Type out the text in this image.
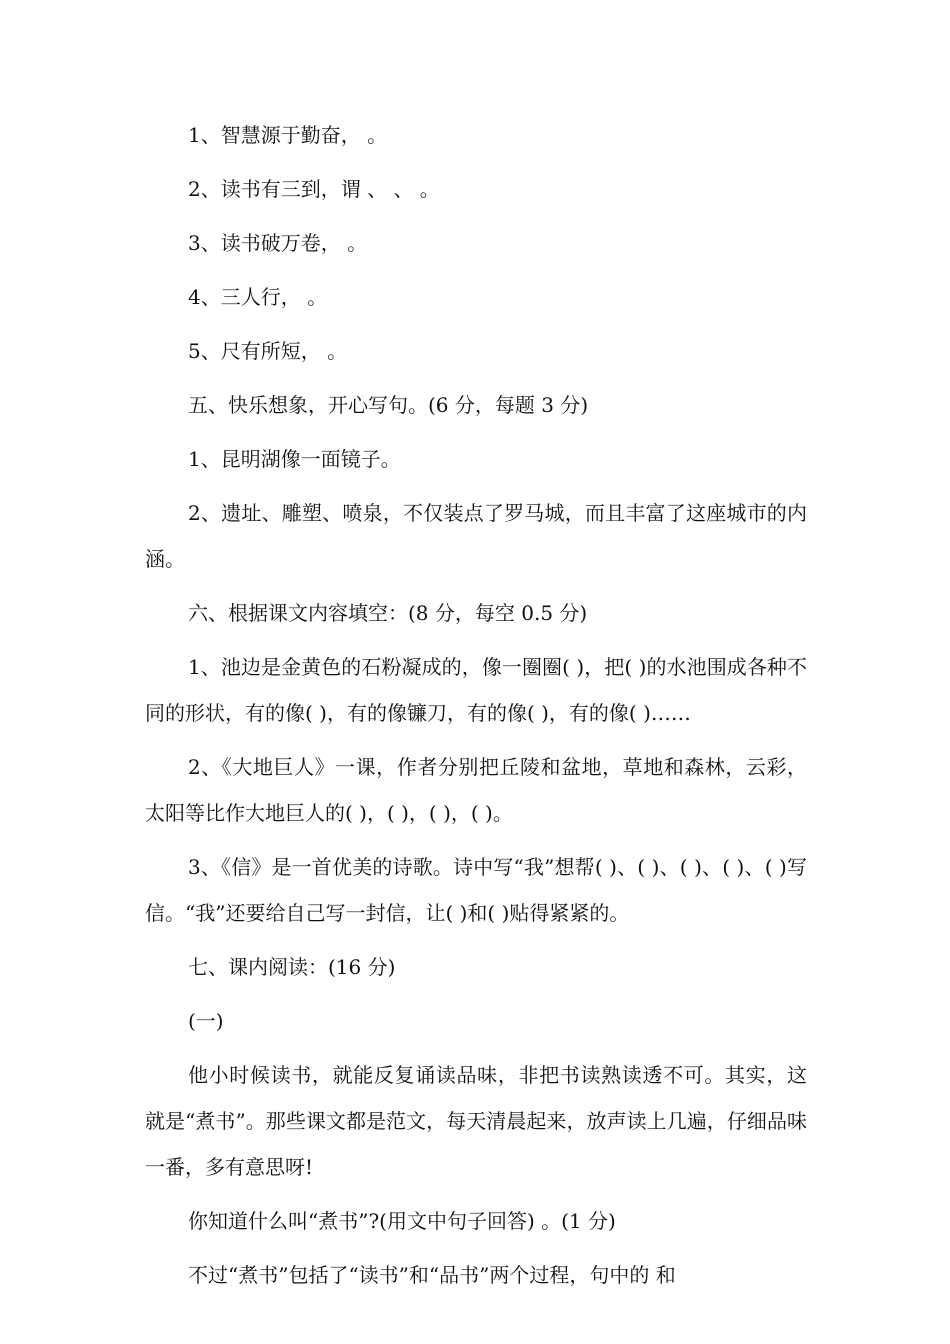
1、智慧源于勤奋， 。

2、读书有三到，谓 、 、 。

3、读书破万卷， 。

4、三人行， 。

5、尺有所短， 。

五、快乐想象，开心写句。(6 分，每题 3 分)

1、昆明湖像一面镜子。

2、遗址、雕塑、喷泉，不仅装点了罗马城，而且丰富了这座城市的内涵。

六、根据课文内容填空：(8 分，每空 0.5 分)

1、池边是金黄色的石粉凝成的，像一圈圈( )，把( )的水池围成各种不同的形状，有的像( )，有的像镰刀，有的像( )，有的像( )……

2、《大地巨人》一课，作者分别把丘陵和盆地，草地和森林，云彩，太阳等比作大地巨人的( )，( )，( )，( )。

3、《信》是一首优美的诗歌。诗中写“我”想帮( )、( )、( )、( )、( )写信。“我”还要给自己写一封信，让( )和( )贴得紧紧的。

七、课内阅读：(16 分)

(一)

他小时候读书，就能反复诵读品味，非把书读熟读透不可。其实，这就是“煮书”。那些课文都是范文，每天清晨起来，放声读上几遍，仔细品味一番，多有意思呀!

你知道什么叫“煮书”?(用文中句子回答) 。(1 分)

不过“煮书”包括了“读书”和“品书”两个过程，句中的 和
